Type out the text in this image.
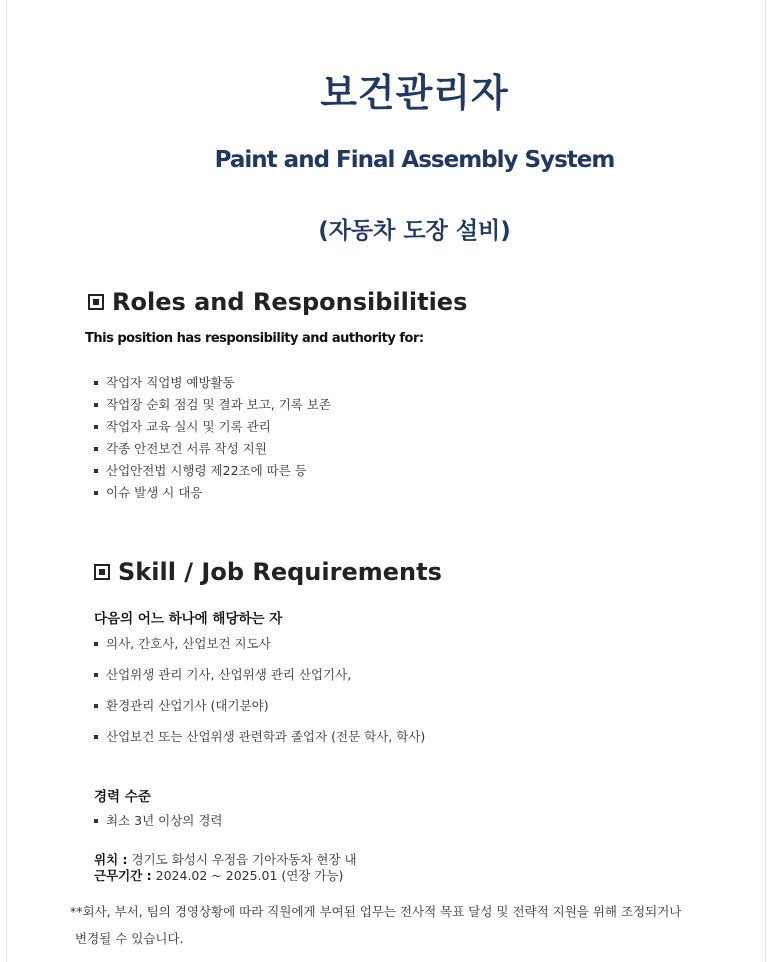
보건관리자
Paint and Final Assembly System
(자동차 도장 설비)
Roles and Responsibilities
This position has responsibility and authority for:
작업자 직업병 예방활동
작업장 순회 점검 및 결과 보고, 기록 보존
작업자 교육 실시 및 기록 관리
각종 안전보건 서류 작성 지원
산업안전법 시행령 제22조에 따른 등
이슈 발생 시 대응
Skill / Job Requirements
다음의 어느 하나에 해당하는 자
의사, 간호사, 산업보건 지도사
산업위생 관리 기사, 산업위생 관리 산업기사,
환경관리 산업기사 (대기분야)
산업보건 또는 산업위생 관련학과 졸업자 (전문 학사, 학사)
경력 수준
최소 3년 이상의 경력
위치 : 경기도 화성시 우정읍 기아자동차 현장 내
근무기간 : 2024.02 ~ 2025.01 (연장 가능)
**회사, 부서, 팀의 경영상황에 따라 직원에게 부여된 업무는 전사적 목표 달성 및 전략적 지원을 위해 조정되거나
변경될 수 있습니다.
